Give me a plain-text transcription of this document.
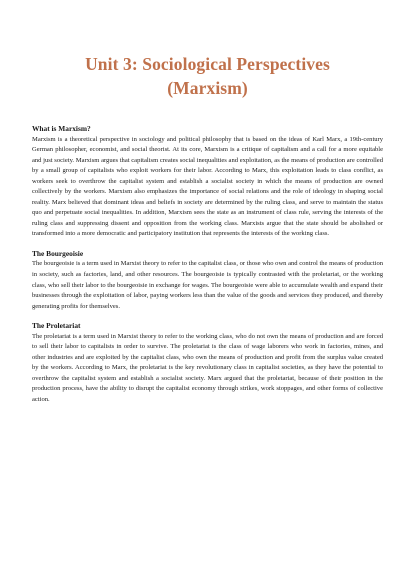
Unit 3: Sociological Perspectives
(Marxism)

What is Marxism?

Marxism is a theoretical perspective in sociology and political philosophy that is based on the ideas of Karl Marx, a 19th-century German philosopher, economist, and social theorist. At its core, Marxism is a critique of capitalism and a call for a more equitable and just society. Marxism argues that capitalism creates social inequalities and exploitation, as the means of production are controlled by a small group of capitalists who exploit workers for their labor. According to Marx, this exploitation leads to class conflict, as workers seek to overthrow the capitalist system and establish a socialist society in which the means of production are owned collectively by the workers. Marxism also emphasizes the importance of social relations and the role of ideology in shaping social reality. Marx believed that dominant ideas and beliefs in society are determined by the ruling class, and serve to maintain the status quo and perpetuate social inequalities. In addition, Marxism sees the state as an instrument of class rule, serving the interests of the ruling class and suppressing dissent and opposition from the working class. Marxists argue that the state should be abolished or transformed into a more democratic and participatory institution that represents the interests of the working class.

The Bourgeoisie

The bourgeoisie is a term used in Marxist theory to refer to the capitalist class, or those who own and control the means of production in society, such as factories, land, and other resources. The bourgeoisie is typically contrasted with the proletariat, or the working class, who sell their labor to the bourgeoisie in exchange for wages. The bourgeoisie were able to accumulate wealth and expand their businesses through the exploitation of labor, paying workers less than the value of the goods and services they produced, and thereby generating profits for themselves.

The Proletariat

The proletariat is a term used in Marxist theory to refer to the working class, who do not own the means of production and are forced to sell their labor to capitalists in order to survive. The proletariat is the class of wage laborers who work in factories, mines, and other industries and are exploited by the capitalist class, who own the means of production and profit from the surplus value created by the workers. According to Marx, the proletariat is the key revolutionary class in capitalist societies, as they have the potential to overthrow the capitalist system and establish a socialist society. Marx argued that the proletariat, because of their position in the production process, have the ability to disrupt the capitalist economy through strikes, work stoppages, and other forms of collective action.
